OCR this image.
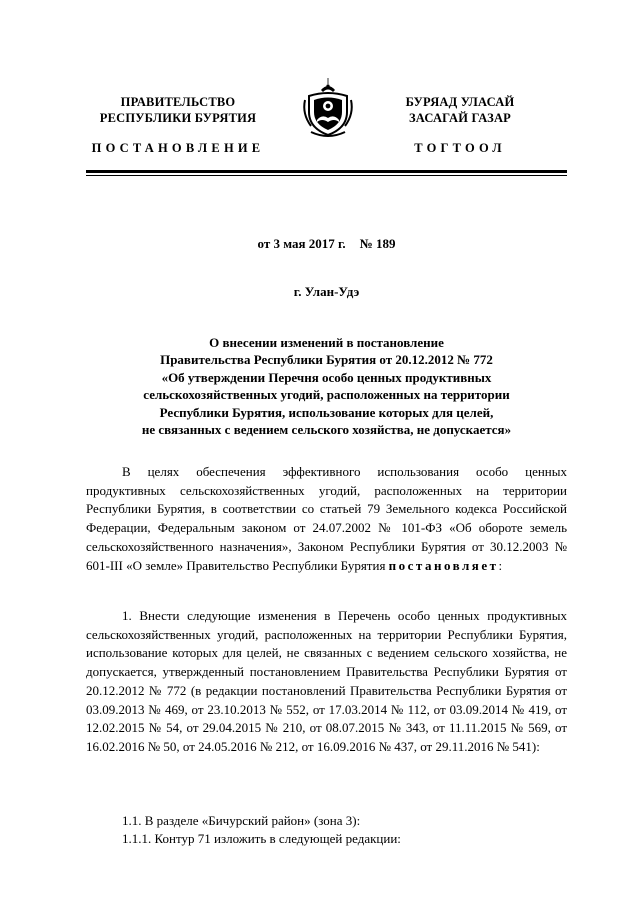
ПРАВИТЕЛЬСТВО
РЕСПУБЛИКИ БУРЯТИЯ
БУРЯАД УЛАСАЙ
ЗАСАГАЙ ГАЗАР
ПОСТАНОВЛЕНИЕ	ТОГТООЛ
от 3 мая 2017 г. № 189
г. Улан-Удэ
О внесении изменений в постановление
Правительства Республики Бурятия от 20.12.2012 № 772
«Об утверждении Перечня особо ценных продуктивных
сельскохозяйственных угодий, расположенных на территории
Республики Бурятия, использование которых для целей,
не связанных с ведением сельского хозяйства, не допускается»
В целях обеспечения эффективного использования особо ценных продуктивных сельскохозяйственных угодий, расположенных на территории Республики Бурятия, в соответствии со статьей 79 Земельного кодекса Российской Федерации, Федеральным законом от 24.07.2002 № 101-ФЗ «Об обороте земель сельскохозяйственного назначения», Законом Республики Бурятия от 30.12.2003 № 601-III «О земле» Правительство Республики Бурятия постановляет:
1. Внести следующие изменения в Перечень особо ценных продуктивных сельскохозяйственных угодий, расположенных на территории Республики Бурятия, использование которых для целей, не связанных с ведением сельского хозяйства, не допускается, утвержденный постановлением Правительства Республики Бурятия от 20.12.2012 № 772 (в редакции постановлений Правительства Республики Бурятия от 03.09.2013 № 469, от 23.10.2013 № 552, от 17.03.2014 № 112, от 03.09.2014 № 419, от 12.02.2015 № 54, от 29.04.2015 № 210, от 08.07.2015 № 343, от 11.11.2015 № 569, от 16.02.2016 № 50, от 24.05.2016 № 212, от 16.09.2016 № 437, от 29.11.2016 № 541):
1.1. В разделе «Бичурский район» (зона 3):
1.1.1. Контур 71 изложить в следующей редакции:
